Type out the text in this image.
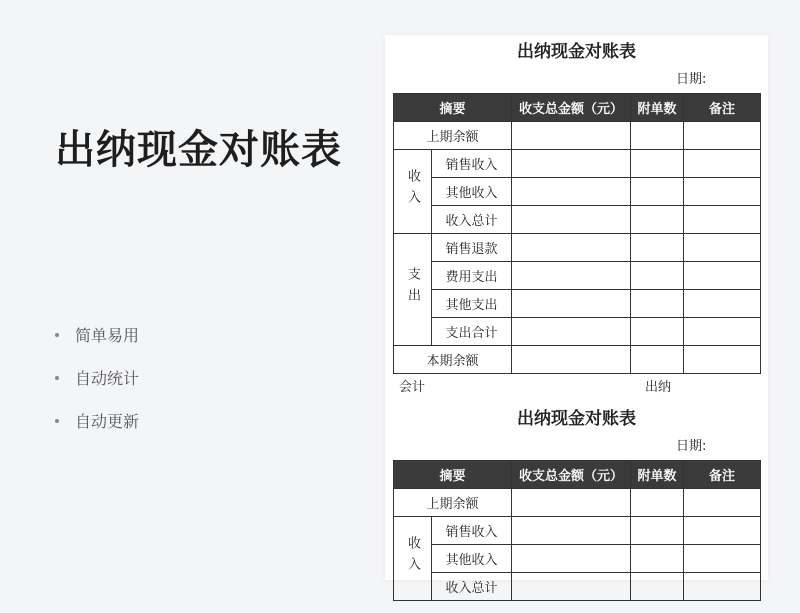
出纳现金对账表
简单易用
自动统计
自动更新
出纳现金对账表
日期:
摘要		收支总金额（元）	附单数	备注
上期余额				
收入	销售收入			
	其他收入			
	收入总计			
支出	销售退款			
	费用支出			
	其他支出			
	支出合计			
本期余额				
会计	出纳
出纳现金对账表
日期:
摘要		收支总金额（元）	附单数	备注
上期余额				
收入	销售收入			
	其他收入			
	收入总计			
